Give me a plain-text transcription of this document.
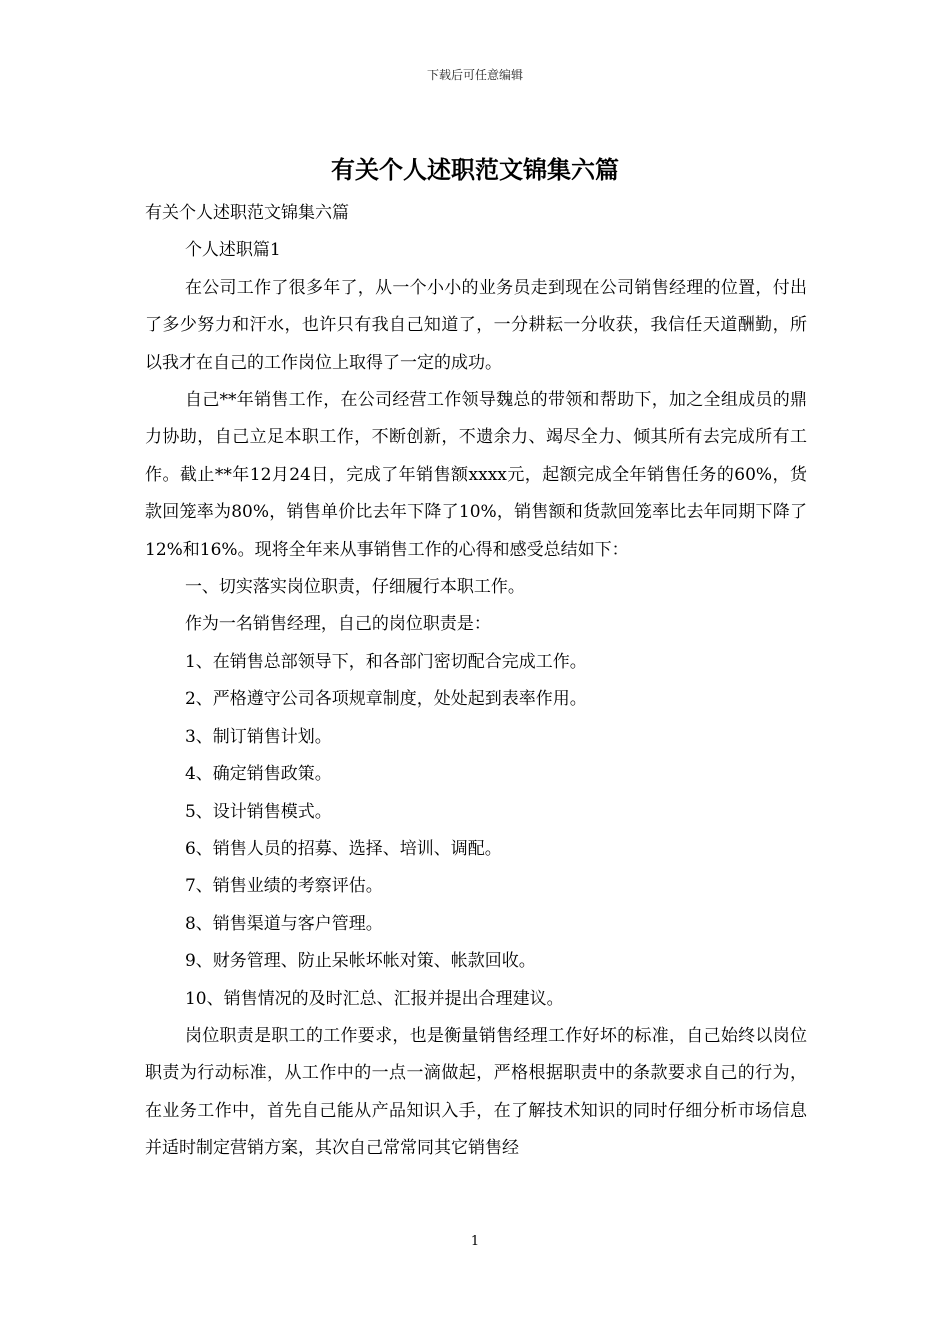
下载后可任意编辑
有关个人述职范文锦集六篇

有关个人述职范文锦集六篇

个人述职篇1

在公司工作了很多年了，从一个小小的业务员走到现在公司销售经理的位置，付出了多少努力和汗水，也许只有我自己知道了，一分耕耘一分收获，我信任天道酬勤，所以我才在自己的工作岗位上取得了一定的成功。

自己**年销售工作，在公司经营工作领导魏总的带领和帮助下，加之全组成员的鼎力协助，自己立足本职工作，不断创新，不遗余力、竭尽全力、倾其所有去完成所有工作。截止**年12月24日，完成了年销售额xxxx元，起额完成全年销售任务的60%，货款回笼率为80%，销售单价比去年下降了10%，销售额和货款回笼率比去年同期下降了12%和16%。现将全年来从事销售工作的心得和感受总结如下：

一、切实落实岗位职责，仔细履行本职工作。

作为一名销售经理，自己的岗位职责是：

1、在销售总部领导下，和各部门密切配合完成工作。

2、严格遵守公司各项规章制度，处处起到表率作用。

3、制订销售计划。

4、确定销售政策。

5、设计销售模式。

6、销售人员的招募、选择、培训、调配。

7、销售业绩的考察评估。

8、销售渠道与客户管理。

9、财务管理、防止呆帐坏帐对策、帐款回收。

10、销售情况的及时汇总、汇报并提出合理建议。

岗位职责是职工的工作要求，也是衡量销售经理工作好坏的标准，自己始终以岗位职责为行动标准，从工作中的一点一滴做起，严格根据职责中的条款要求自己的行为，在业务工作中，首先自己能从产品知识入手，在了解技术知识的同时仔细分析市场信息并适时制定营销方案，其次自己常常同其它销售经

1
